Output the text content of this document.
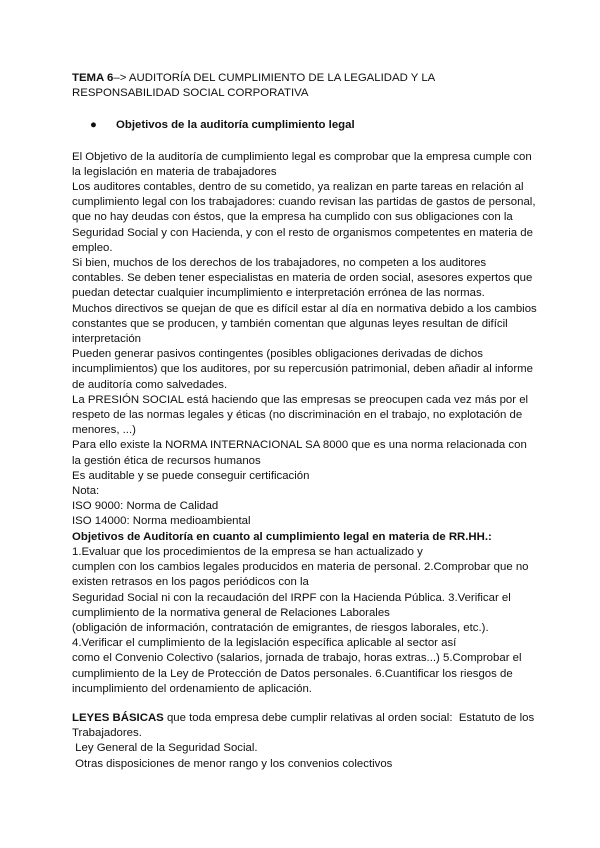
TEMA 6–> AUDITORÍA DEL CUMPLIMIENTO DE LA LEGALIDAD Y LA
RESPONSABILIDAD SOCIAL CORPORATIVA
●	Objetivos de la auditoría cumplimiento legal
El Objetivo de la auditoría de cumplimiento legal es comprobar que la empresa cumple con
la legislación en materia de trabajadores
Los auditores contables, dentro de su cometido, ya realizan en parte tareas en relación al
cumplimiento legal con los trabajadores: cuando revisan las partidas de gastos de personal,
que no hay deudas con éstos, que la empresa ha cumplido con sus obligaciones con la
Seguridad Social y con Hacienda, y con el resto de organismos competentes en materia de
empleo.
Si bien, muchos de los derechos de los trabajadores, no competen a los auditores
contables. Se deben tener especialistas en materia de orden social, asesores expertos que
puedan detectar cualquier incumplimiento e interpretación errónea de las normas.
Muchos directivos se quejan de que es difícil estar al día en normativa debido a los cambios
constantes que se producen, y también comentan que algunas leyes resultan de difícil
interpretación
Pueden generar pasivos contingentes (posibles obligaciones derivadas de dichos
incumplimientos) que los auditores, por su repercusión patrimonial, deben añadir al informe
de auditoría como salvedades.
La PRESIÓN SOCIAL está haciendo que las empresas se preocupen cada vez más por el
respeto de las normas legales y éticas (no discriminación en el trabajo, no explotación de
menores, ...)
Para ello existe la NORMA INTERNACIONAL SA 8000 que es una norma relacionada con
la gestión ética de recursos humanos
Es auditable y se puede conseguir certificación
Nota:
ISO 9000: Norma de Calidad
ISO 14000: Norma medioambiental
Objetivos de Auditoría en cuanto al cumplimiento legal en materia de RR.HH.:
1.Evaluar que los procedimientos de la empresa se han actualizado y
cumplen con los cambios legales producidos en materia de personal. 2.Comprobar que no
existen retrasos en los pagos periódicos con la
Seguridad Social ni con la recaudación del IRPF con la Hacienda Pública. 3.Verificar el
cumplimiento de la normativa general de Relaciones Laborales
(obligación de información, contratación de emigrantes, de riesgos laborales, etc.).
4.Verificar el cumplimiento de la legislación específica aplicable al sector así
como el Convenio Colectivo (salarios, jornada de trabajo, horas extras...) 5.Comprobar el
cumplimiento de la Ley de Protección de Datos personales. 6.Cuantificar los riesgos de
incumplimiento del ordenamiento de aplicación.
LEYES BÁSICAS que toda empresa debe cumplir relativas al orden social:  Estatuto de los
Trabajadores.
Ley General de la Seguridad Social.
Otras disposiciones de menor rango y los convenios colectivos
